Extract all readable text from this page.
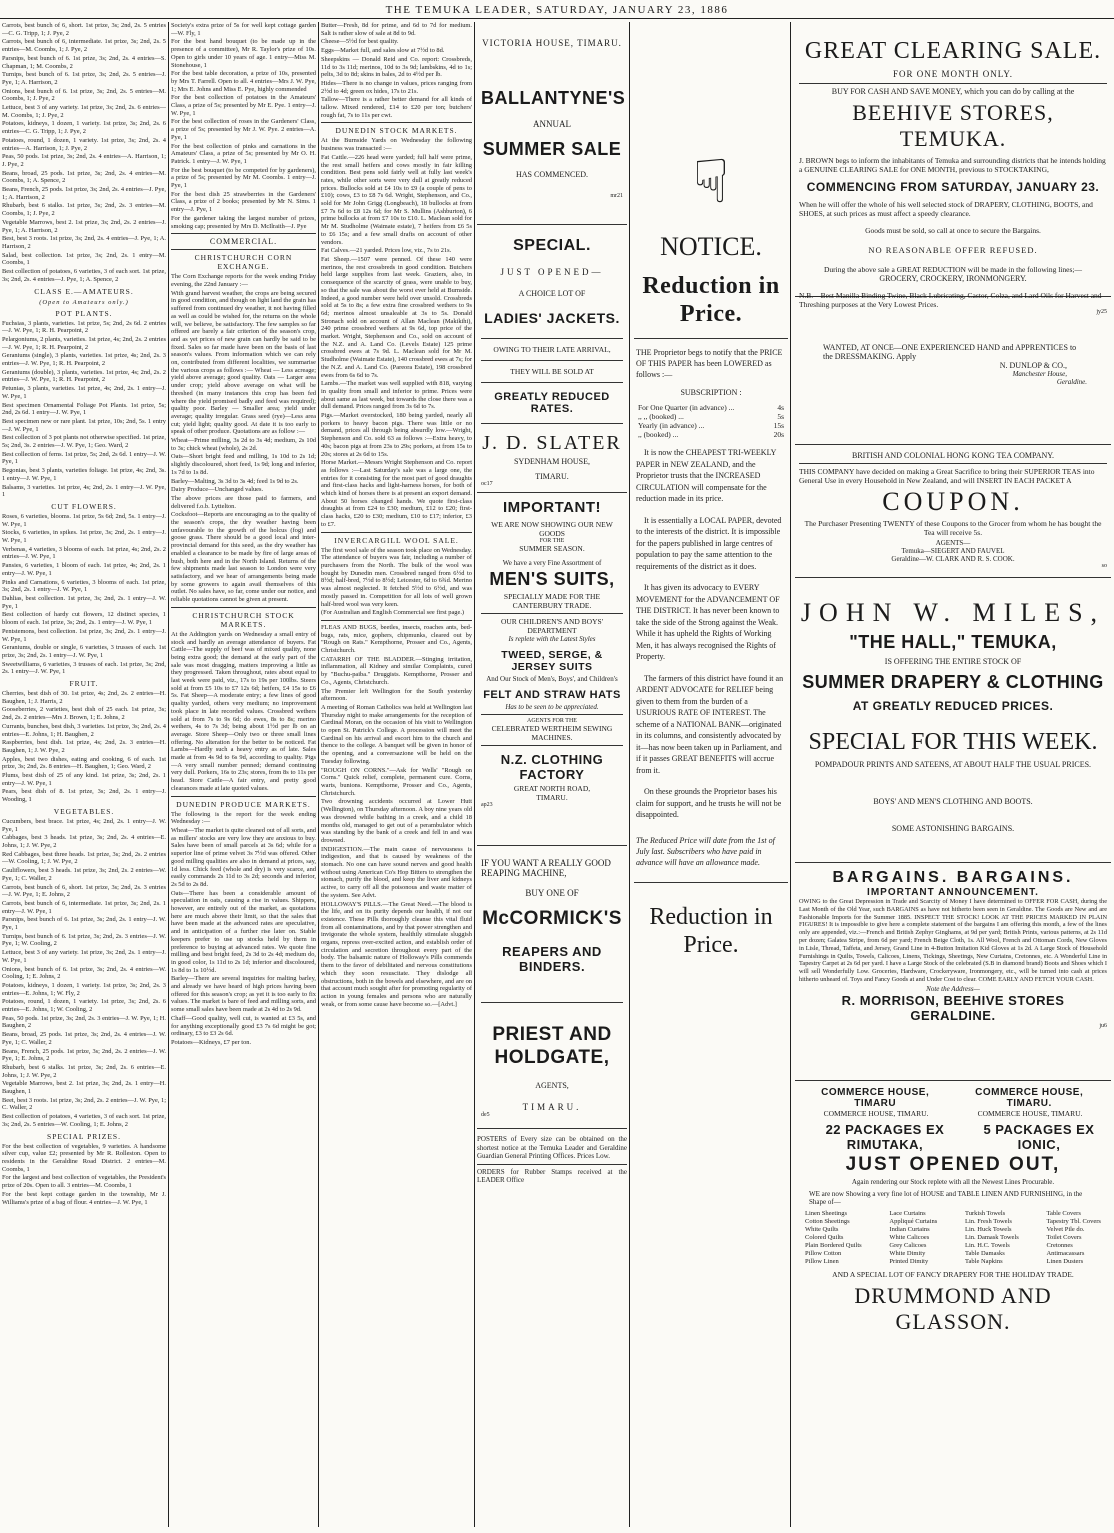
THE TEMUKA LEADER, SATURDAY, JANUARY 23, 1886

Carrots, best bunch of 6, short. 1st prize, 3s; 2nd, 2s. 5 entries—C. G. Tripp, 1; J. Pye, 2

Carrots, best bunch of 6, intermediate. 1st prize, 3s; 2nd, 2s. 5 entries—M. Coombs, 1; J. Pye, 2

Parsnips, best bunch of 6. 1st prize, 3s; 2nd, 2s. 4 entries—S. Chapman, 1; M. Coombs, 2

Turnips, best bunch of 6. 1st prize, 3s; 2nd, 2s. 5 entries—J. Pye, 1; A. Harrison, 2

Onions, best bunch of 6. 1st prize, 3s; 2nd, 2s. 5 entries—M. Coombs, 1; J. Pye, 2

Lettuce, best 3 of any variety. 1st prize, 3s; 2nd, 2s. 6 entries—M. Coombs, 1; J. Pye, 2

Potatoes, kidneys, 1 dozen, 1 variety. 1st prize, 3s; 2nd, 2s. 6 entries—C. G. Tripp, 1; J. Pye, 2

Potatoes, round, 1 dozen, 1 variety. 1st prize, 3s; 2nd, 2s. 4 entries—A. Harrison, 1; J. Pye, 2

Peas, 50 pods. 1st prize, 3s; 2nd, 2s. 4 entries—A. Harrison, 1; J. Pye, 2

Beans, broad, 25 pods. 1st prize, 3s; 2nd, 2s. 4 entries—M. Coombs, 1; A. Spence, 2

Beans, French, 25 pods. 1st prize, 3s; 2nd, 2s. 4 entries—J. Pye, 1; A. Harrison, 2

Rhubarb, best 6 stalks. 1st prize, 3s; 2nd, 2s. 3 entries—M. Coombs, 1; J. Pye, 2

Vegetable Marrows, best 2. 1st prize, 3s; 2nd, 2s. 2 entries—J. Pye, 1; A. Harrison, 2

Best, best 3 roots. 1st prize, 3s; 2nd, 2s. 4 entries—J. Pye, 1; A. Harrison, 2

Salad, best collection. 1st prize, 3s; 2nd, 2s. 1 entry—M. Coombs, 1

Best collection of potatoes, 6 varieties, 3 of each sort. 1st prize, 3s; 2nd, 2s. 4 entries—J. Pye, 1; A. Spence, 2

CLASS E.—AMATEURS.
(Open to Amateurs only.)
POT PLANTS.

Fuchsias, 3 plants, varieties. 1st prize, 5s; 2nd, 2s 6d. 2 entries—J. W. Pye, 1; R. H. Pearpoint, 2

Pelargoniums, 2 plants, varieties. 1st prize, 4s; 2nd, 2s. 2 entries—J. W. Pye, 1; R. H. Pearpoint, 2

Geraniums (single), 3 plants, varieties. 1st prize, 4s; 2nd, 2s. 3 entries—J. W. Pye, 1; R. H. Pearpoint, 2

Geraniums (double), 3 plants, varieties. 1st prize, 4s; 2nd, 2s. 2 entries—J. W. Pye, 1; R. H. Pearpoint, 2

Petunias, 3 plants, varieties. 1st prize, 4s; 2nd, 2s. 1 entry—J. W. Pye, 1

Best specimen Ornamental Foliage Pot Plants. 1st prize, 5s; 2nd, 2s 6d. 1 entry—J. W. Pye, 1

Best specimen new or rare plant. 1st prize, 10s; 2nd, 5s. 1 entry—J. W. Pye, 1

Best collection of 3 pot plants not otherwise specified. 1st prize, 5s; 2nd, 3s. 2 entries—J. W. Pye, 1; Geo. Ward, 2

Best collection of ferns. 1st prize, 5s; 2nd, 2s 6d. 1 entry—J. W. Pye, 1

Begonias, best 3 plants, varieties foliage. 1st prize, 4s; 2nd, 3s. 1 entry—J. W. Pye, 1

Balsams, 3 varieties. 1st prize, 4s; 2nd, 2s. 1 entry—J. W. Pye, 1

CUT FLOWERS.

Roses, 6 varieties, blooms. 1st prize, 5s 6d; 2nd, 5s. 1 entry—J. W. Pye, 1

Stocks, 6 varieties, in spikes. 1st prize, 3s; 2nd, 2s. 1 entry—J. W. Pye, 1

Verbenas, 4 varieties, 3 blooms of each. 1st prize, 4s; 2nd, 2s. 2 entries—J. W. Pye, 1

Pansies, 6 varieties, 1 bloom of each. 1st prize, 4s; 2nd, 2s. 1 entry—J. W. Pye, 1

Pinks and Carnations, 6 varieties, 3 blooms of each. 1st prize, 3s; 2nd, 2s. 1 entry—J. W. Pye, 1

Dahlias, best collection. 1st prize, 3s; 2nd, 2s. 1 entry—J. W. Pye, 1

Best collection of hardy cut flowers, 12 distinct species, 1 bloom of each. 1st prize, 3s; 2nd, 2s. 1 entry—J. W. Pye, 1

Pentstemons, best collection. 1st prize, 3s; 2nd, 2s. 1 entry—J. W. Pye, 1

Geraniums, double or single, 6 varieties, 3 trusses of each. 1st prize, 3s; 2nd, 2s. 1 entry—J. W. Pye, 1

Sweetwilliams, 6 varieties, 3 trusses of each. 1st prize, 3s; 2nd, 2s. 1 entry—J. W. Pye, 1

FRUIT.

Cherries, best dish of 30. 1st prize, 4s; 2nd, 2s. 2 entries—H. Baughen, 1; J. Harris, 2

Gooseberries, 2 varieties, best dish of 25 each. 1st prize, 3s; 2nd, 2s. 2 entries—Mrs J. Brown, 1; E. Johns, 2

Currants, bunches, best dish, 3 varieties. 1st prize, 3s; 2nd, 2s. 4 entries—E. Johns, 1; H. Baughen, 2

Raspberries, best dish. 1st prize, 4s; 2nd, 2s. 3 entries—H. Baughen, 1; J. W. Pye, 2

Apples, best two dishes, eating and cooking, 6 of each. 1st prize, 3s; 2nd, 2s. 8 entries—H. Baughen, 1; Geo. Ward, 2

Plums, best dish of 25 of any kind. 1st prize, 3s; 2nd, 2s. 1 entry—J. W. Pye, 1

Pears, best dish of 8. 1st prize, 3s; 2nd, 2s. 1 entry—J. Wooding, 1

VEGETABLES.

Cucumbers, best brace. 1st prize, 4s; 2nd, 2s. 1 entry—J. W. Pye, 1

Cabbages, best 3 heads. 1st prize, 3s; 2nd, 2s. 4 entries—E. Johns, 1; J. W. Pye, 2

Red Cabbages, best three heads. 1st prize, 3s; 2nd, 2s. 2 entries—W. Cooling, 1; J. W. Pye, 2

Cauliflowers, best 3 heads. 1st prize, 3s; 2nd, 2s. 2 entries—W. Pye, 1; C. Waller, 2

Carrots, best bunch of 6, short. 1st prize, 3s; 2nd, 2s. 3 entries—J. W. Pye, 1; E. Johns, 2

Carrots, best bunch of 6, intermediate. 1st prize, 3s; 2nd, 2s. 1 entry—J. W. Pye, 1

Parsnips, best bunch of 6. 1st prize, 3s; 2nd, 2s. 1 entry—J. W. Pye, 1

Turnips, best bunch of 6. 1st prize, 3s; 2nd, 2s. 3 entries—J. W. Pye, 1; W. Cooling, 2

Lettuce, best 3 of any variety. 1st prize, 3s; 2nd, 2s. 1 entry—J. W. Pye, 1

Onions, best bunch of 6. 1st prize, 3s; 2nd, 2s. 4 entries—W. Cooling, 1; E. Johns, 2

Potatoes, kidneys, 1 dozen, 1 variety. 1st prize, 3s; 2nd, 2s. 3 entries—E. Johns, 1; W. Fly, 2

Potatoes, round, 1 dozen, 1 variety. 1st prize, 3s; 2nd, 2s. 6 entries—E. Johns, 1; W. Cooling, 2

Peas, 50 pods. 1st prize, 3s; 2nd, 2s. 3 entries—J. W. Pye, 1; H. Baughen, 2

Beans, broad, 25 pods. 1st prize, 3s; 2nd, 2s. 4 entries—J. W. Pye, 1; C. Waller, 2

Beans, French, 25 pods. 1st prize, 3s; 2nd, 2s. 2 entries—J. W. Pye, 1; E. Johns, 2

Rhubarb, best 6 stalks. 1st prize, 3s; 2nd, 2s. 6 entries—E. Johns, 1; J. W. Pye, 2

Vegetable Marrows, best 2. 1st prize, 3s; 2nd, 2s. 1 entry—H. Baughen, 1

Beet, best 3 roots. 1st prize, 3s; 2nd, 2s. 2 entries—J. W. Pye, 1; C. Waller, 2

Best collection of potatoes, 4 varieties, 3 of each sort. 1st prize, 3s; 2nd, 2s. 5 entries—W. Cooling, 1; E. Johns, 2

SPECIAL PRIZES.

For the best collection of vegetables, 9 varieties. A handsome silver cup, value £2; presented by Mr R. Rolleston. Open to residents in the Geraldine Road District. 2 entries—M. Coombs, 1

For the largest and best collection of vegetables, the President's prize of 20s. Open to all. 3 entries—M. Coombs, 1

For the best kept cottage garden in the township, Mr J. Williams's prize of a bag of flour. 4 entries—J. W. Pye, 1

Society's extra prize of 5s for well kept cottage garden—W. Fly, 1

For the best hand bouquet (to be made up in the presence of a committee), Mr R. Taylor's prize of 10s. Open to girls under 10 years of age. 1 entry—Miss M. Stonehouse, 1

For the best table decoration, a prize of 10s, presented by Mrs T. Farrell. Open to all. 4 entries—Mrs J. W. Pye, 1; Mrs E. Johns and Miss E. Pye, highly commended

For the best collection of potatoes in the Amateurs' Class, a prize of 5s; presented by Mr E. Pye. 1 entry—J. W. Pye, 1

For the best collection of roses in the Gardeners' Class, a prize of 5s; presented by Mr J. W. Pye. 2 entries—A. Pye, 1

For the best collection of pinks and carnations in the Amateurs' Class, a prize of 5s; presented by Mr O. H. Patrick. 1 entry—J. W. Pye, 1

For the best bouquet (to be competed for by gardeners), a prize of 5s; presented by Mr M. Coombs. 1 entry—J. Pye, 1

For the best dish 25 strawberries in the Gardeners' Class, a prize of 2 books; presented by Mr N. Sims. 1 entry—J. Pye, 1

For the gardener taking the largest number of prizes, smoking cap; presented by Mrs D. McIlraith—J. Pye

COMMERCIAL.
CHRISTCHURCH CORN EXCHANGE.

The Corn Exchange reports for the week ending Friday evening, the 22nd January :—

With grand harvest weather, the crops are being secured in good condition, and though on light land the grain has suffered from continued dry weather, it not having filled as well as could be wished for, the returns on the whole will, we believe, be satisfactory. The few samples so far offered are barely a fair criterion of the season's crop, and as yet prices of new grain can hardly be said to be fixed. Sales so far made have been on the basis of last season's values. From information which we can rely on, contributed from different localities, we summarise the various crops as follows :— Wheat — Less acreage; yield above average; good quality. Oats — Larger area under crop; yield above average on what will be threshed (in many instances this crop has been fed where the yield promised badly and feed was required); quality poor. Barley — Smaller area; yield under average; quality irregular. Grass seed (rye)—Less area cut; yield light; quality good. At date it is too early to speak of other produce. Quotations are as follow :—

Wheat—Prime milling, 3s 2d to 3s 4d; medium, 2s 10d to 3s; chick wheat (whole), 2s 2d.

Oats—Short bright feed and milling, 1s 10d to 2s 1d; slightly discoloured, short feed, 1s 9d; long and inferior, 1s 7d to 1s 8d.

Barley—Malting, 3s 3d to 3s 4d; feed 1s 9d to 2s.

Dairy Produce—Unchanged values.

The above prices are those paid to farmers, and delivered f.o.b. Lyttelton.

Cocksfoot—Reports are encouraging as to the quality of the season's crops, the dry weather having been unfavourable to the growth of the holcus (fog) and goose grass. There should be a good local and inter-provincial demand for this seed, as the dry weather has enabled a clearance to be made by fire of large areas of bush, both here and in the North Island. Returns of the few shipments made last season to London were very satisfactory, and we hear of arrangements being made by some growers to again avail themselves of this outlet. No sales have, so far, come under our notice, and reliable quotations cannot be given at present.

CHRISTCHURCH STOCK MARKETS.

At the Addington yards on Wednesday a small entry of stock and hardly an average attendance of buyers. Fat Cattle—The supply of beef was of mixed quality, none being extra good; the demand at the early part of the sale was most dragging, matters improving a little as they progressed. Taken throughout, rates about equal to last week were paid, viz., 17s to 19s per 100lbs. Steers sold at from £5 10s to £7 12s 6d; heifers, £4 15s to £6 5s. Fat Sheep—A moderate entry; a few lines of good quality yarded, others very medium; no improvement took place in late recorded values. Crossbred wethers sold at from 7s to 9s 6d; do ewes, 8s to 8s; merino wethers, 4s to 7s 3d; being about 1½d per lb on an average. Store Sheep—Only two or three small lines offering. No alteration for the better to be noticed. Fat Lambs—Hardly such a heavy entry as of late. Sales made at from 4s 9d to 6s 9d, according to quality. Pigs—A very small number penned; demand continuing very dull. Porkers, 16s to 23s; stores, from 8s to 11s per head. Store Cattle—A fair entry, and pretty good clearances made at late quoted values.

DUNEDIN PRODUCE MARKETS.

The following is the report for the week ending Wednesday :—

Wheat—The market is quite cleaned out of all sorts, and as millers' stocks are very low they are anxious to buy. Sales have been of small parcels at 3s 6d; while for a superior line of prime velvet 3s 7½d was offered. Other good milling qualities are also in demand at prices, say, 1d less. Chick feed (whole and dry) is very scarce, and easily commands 2s 11d to 3s 2d; seconds and inferior, 2s 5d to 2s 8d.

Oats—There has been a considerable amount of speculation in oats, causing a rise in values. Shippers, however, are entirely out of the market, as quotations here are much above their limit, so that the sales that have been made at the advanced rates are speculative, and in anticipation of a further rise later on. Stable keepers prefer to use up stocks held by them in preference to buying at advanced rates. We quote fine milling and best bright feed, 2s 3d to 2s 4d; medium do, in good color, 1s 11d to 2s 1d; inferior and discoloured, 1s 8d to 1s 10½d.

Barley—There are several inquiries for malting barley, and already we have heard of high prices having been offered for this season's crop; as yet it is too early to fix values. The market is bare of feed and milling sorts, and some small sales have been made at 2s 4d to 2s 9d.

Chaff—Good quality, well cut, is wanted at £3 5s, and for anything exceptionally good £3 7s 6d might be got; ordinary, £3 to £3 2s 6d.

Potatoes—Kidneys, £7 per ton.

Butter—Fresh, 8d for prime, and 6d to 7d for medium. Salt is rather slow of sale at 8d to 9d.

Cheese—5½d for best quality.

Eggs—Market full, and sales slow at 7½d to 8d.

Sheepskins — Donald Reid and Co. report: Crossbreds, 11d to 3s 11d; merinos, 10d to 3s 9d; lambskins, 4d to 1s; pelts, 3d to 8d; skins in bales, 2d to 4½d per lb.

Hides—There is no change in values, prices ranging from 2½d to 4d; green ox hides, 17s to 21s.

Tallow—There is a rather better demand for all kinds of tallow. Mixed rendered, £14 to £20 per ton; butchers' rough fat, 7s to 11s per cwt.

DUNEDIN STOCK MARKETS.

At the Burnside Yards on Wednesday the following business was transacted :—

Fat Cattle.—226 head were yarded; full half were prime, the rest small heifers and cows mostly in fair killing condition. Best pens sold fairly well at fully last week's rates, while other sorts were very dull at greatly reduced prices. Bullocks sold at £4 10s to £9 (a couple of pens to £10); cows, £3 to £8 7s 6d. Wright, Stephenson, and Co., sold for Mr John Grigg (Longbeach), 18 bullocks at from £7 7s 6d to £8 12s 6d; for Mr S. Mullins (Ashburton), 6 prime bullocks at from £7 10s to £10. L. Maclean sold for Mr M. Studholme (Waimate estate), 7 heifers from £6 5s to £6 15s; and a few small drafts on account of other vendors.

Fat Calves.—21 yarded. Prices low, viz., 7s to 21s.

Fat Sheep.—1507 were penned. Of these 140 were merinos, the rest crossbreds in good condition. Butchers held large supplies from last week. Graziers, also, in consequence of the scarcity of grass, were unable to buy, so that the sale was about the worst ever held at Burnside. Indeed, a good number were held over unsold. Crossbreds sold at 5s to 8s; a few extra fine crossbred wethers to 9s 6d; merinos almost unsaleable at 3s to 5s. Donald Stronach sold on account of Allan Maclean (Makikihi), 240 prime crossbred wethers at 9s 6d, top price of the market. Wright, Stephenson and Co., sold on account of the N.Z. and A. Land Co. (Levels Estate) 125 prime crossbred ewes at 7s 9d. L. Maclean sold for Mr M. Studholme (Waimate Estate), 140 crossbred ewes at 7s; for the N.Z. and A. Land Co. (Pareora Estate), 198 crossbred ewes from 6s 6d to 7s.

Lambs.—The market was well supplied with 818, varying in quality from small and inferior to prime. Prices were about same as last week, but towards the close there was a dull demand. Prices ranged from 3s 6d to 7s.

Pigs.—Market overstocked, 180 being yarded, nearly all porkers to heavy bacon pigs. There was little or no demand, prices all through being absurdly low.—Wright, Stephenson and Co. sold 63 as follows :—Extra heavy, to 40s; bacon pigs at from 23s to 29s; porkers, at from 15s to 20s; stores at 2s 6d to 15s.

Horse Market.—Messrs Wright Stephenson and Co. report as follows :—Last Saturday's sale was a large one, the entries for it consisting for the most part of good draughts and first-class hacks and light-harness horses, for both of which kind of horses there is at present an export demand. About 50 horses changed hands. We quote first-class draughts at from £24 to £30; medium, £12 to £20; first-class hacks, £20 to £30; medium, £10 to £17; inferior, £3 to £7.

INVERCARGILL WOOL SALE.

The first wool sale of the season took place on Wednesday. The attendance of buyers was fair, including a number of purchasers from the North. The bulk of the wool was bought by Dunedin men. Crossbred ranged from 6½d to 8½d; half-bred, 7½d to 8½d; Leicester, 6d to 6¾d. Merino was almost neglected. It fetched 5½d to 6½d, and was mostly passed in. Competition for all lots of well grown half-bred wool was very keen.

(For Australian and English Commercial see first page.)

FLEAS AND BUGS, beetles, insects, roaches ants, bed-bugs, rats, mice, gophers, chipmunks, cleared out by "Rough on Rats." Kempthorne, Prosser and Co., Agents, Christchurch.

CATARRH OF THE BLADDER.—Stinging irritation, inflammation, all Kidney and similar Complaints, cured by "Buchu-paiba." Druggists. Kempthorne, Prosser and Co., Agents, Christchurch.

The Premier left Wellington for the South yesterday afternoon.

A meeting of Roman Catholics was held at Wellington last Thursday night to make arrangements for the reception of Cardinal Moran, on the occasion of his visit to Wellington to open St. Patrick's College. A procession will meet the Cardinal on his arrival and escort him to the church and thence to the college. A banquet will be given in honor of the opening, and a conversazione will be held on the Tuesday following.

"ROUGH ON CORNS."—Ask for Wells' "Rough on Corns." Quick relief, complete, permanent cure. Corns, warts, bunions. Kempthorne, Prosser and Co., Agents, Christchurch.

Two drowning accidents occurred at Lower Hutt (Wellington), on Thursday afternoon. A boy nine years old was drowned while bathing in a creek, and a child 18 months old, managed to get out of a perambulator which was standing by the bank of a creek and fell in and was drowned.

INDIGESTION.—The main cause of nervousness is indigestion, and that is caused by weakness of the stomach. No one can have sound nerves and good health without using American Co's Hop Bitters to strengthen the stomach, purify the blood, and keep the liver and kidneys active, to carry off all the poisonous and waste matter of the system. See Advt.

HOLLOWAY'S PILLS.—The Great Need.—The blood is the life, and on its purity depends our health, if not our existence. These Pills thoroughly cleanse this vital fluid from all contaminations, and by that power strengthen and invigorate the whole system, healthily stimulate sluggish organs, repress over-excited action, and establish order of circulation and secretion throughout every part of the body. The balsamic nature of Holloway's Pills commends them to the favor of debilitated and nervous constitutions which they soon resuscitate. They dislodge all obstructions, both in the bowels and elsewhere, and are on that account much sought after for promoting regularity of action in young females and persons who are naturally weak, or from some cause have become so.—[Advt.]

VICTORIA HOUSE, TIMARU.
BALLANTYNE'S
ANNUAL
SUMMER SALE
HAS COMMENCED.
mr21
SPECIAL.
JUST OPENED—
A CHOICE LOT OF
LADIES' JACKETS.
OWING TO THEIR LATE ARRIVAL,
THEY WILL BE SOLD AT
GREATLY REDUCED RATES.
J. D. SLATER
SYDENHAM HOUSE,
TIMARU.
oc17
IMPORTANT!
WE ARE NOW SHOWING OUR NEW GOODS
FOR THE
SUMMER SEASON.
We have a very Fine Assortment of
MEN'S SUITS,
SPECIALLY MADE FOR THE CANTERBURY TRADE.
OUR CHILDREN'S AND BOYS' DEPARTMENT
Is replete with the Latest Styles
TWEED, SERGE, & JERSEY SUITS
And Our Stock of Men's, Boys', and Children's
FELT AND STRAW HATS
Has to be seen to be appreciated.
AGENTS FOR THE
CELEBRATED WERTHEIM SEWING MACHINES.
N.Z. CLOTHING FACTORY
GREAT NORTH ROAD,
TIMARU.
ap23
IF YOU WANT A REALLY GOOD REAPING MACHINE,
BUY ONE OF
McCORMICK'S
REAPERS AND BINDERS.
PRIEST AND HOLDGATE,
AGENTS,
TIMARU.
de5
POSTERS of Every size can be obtained on the shortest notice at the Temuka Leader and Geraldine Guardian General Printing Offices. Prices Low.
ORDERS for Rubber Stamps received at the LEADER Office
☟
NOTICE.
Reduction in Price.
THE Proprietor begs to notify that the PRICE OF THIS PAPER has been LOWERED as follows :—
SUBSCRIPTION :
For One Quarter (in advance) ...	4s
,, ,, (booked) ...	5s
Yearly (in advance) ...	15s
,, (booked) ...	20s

It is now the CHEAPEST TRI-WEEKLY PAPER in NEW ZEALAND, and the Proprietor trusts that the INCREASED CIRCULATION will compensate for the reduction made in its price.

It is essentially a LOCAL PAPER, devoted to the interests of the district. It is impossible for the papers published in large centres of population to pay the same attention to the requirements of the district as it does.

It has given its advocacy to EVERY MOVEMENT for the ADVANCEMENT OF THE DISTRICT. It has never been known to take the side of the Strong against the Weak. While it has upheld the Rights of Working Men, it has always recognised the Rights of Property.

The farmers of this district have found it an ARDENT ADVOCATE for RELIEF being given to them from the burden of a USURIOUS RATE OF INTEREST. The scheme of a NATIONAL BANK—originated in its columns, and consistently advocated by it—has now been taken up in Parliament, and if it passes GREAT BENEFITS will accrue from it.

On these grounds the Proprietor bases his claim for support, and he trusts he will not be disappointed.

The Reduced Price will date from the 1st of July last. Subscribers who have paid in advance will have an allowance made.
Reduction in Price.
GREAT CLEARING SALE.
FOR ONE MONTH ONLY.
BUY FOR CASH AND SAVE MONEY, which you can do by calling at the
BEEHIVE STORES, TEMUKA.
J. BROWN begs to inform the inhabitants of Temuka and surrounding districts that he intends holding a GENUINE CLEARING SALE for ONE MONTH, previous to STOCKTAKING,
COMMENCING FROM SATURDAY, JANUARY 23.
When he will offer the whole of his well selected stock of DRAPERY, CLOTHING, BOOTS, and SHOES, at such prices as must affect a speedy clearance.
Goods must be sold, so call at once to secure the Bargains.
NO REASONABLE OFFER REFUSED.
During the above sale a GREAT REDUCTION will be made in the following lines;—
GROCERY, CROCKERY, IRONMONGERY.
N.B.—Best Manilla Binding Twine, Black Lubricating, Castor, Colza, and Lard Oils for Harvest and Threshing purposes at the Very Lowest Prices.
jy25
WANTED, AT ONCE—ONE EXPERIENCED HAND and APPRENTICES to the DRESSMAKING. Apply
N. DUNLOP & CO.,
Manchester House,
Geraldine.
BRITISH AND COLONIAL HONG KONG TEA COMPANY.
THIS COMPANY have decided on making a Great Sacrifice to bring their SUPERIOR TEAS into General Use in every Household in New Zealand, and will INSERT IN EACH PACKET A
COUPON.
The Purchaser Presenting TWENTY of these Coupons to the Grocer from whom he has bought the Tea will receive 5s.
AGENTS—
Temuka—SIEGERT AND FAUVEL
Geraldine—W. CLARK AND R. S. COOK.
so
JOHN W. MILES,
"THE HALL," TEMUKA,
IS OFFERING THE ENTIRE STOCK OF
SUMMER DRAPERY & CLOTHING
AT GREATLY REDUCED PRICES.
SPECIAL FOR THIS WEEK.
POMPADOUR PRINTS AND SATEENS, AT ABOUT HALF THE USUAL PRICES.
BOYS' AND MEN'S CLOTHING AND BOOTS.
SOME ASTONISHING BARGAINS.
BARGAINS. BARGAINS.
IMPORTANT ANNOUNCEMENT.
OWING to the Great Depression in Trade and Scarcity of Money I have determined to OFFER FOR CASH, during the Last Month of the Old Year, such BARGAINS as have not hitherto been seen in Geraldine. The Goods are New and are Fashionable Imports for the Summer 1885. INSPECT THE STOCK! LOOK AT THE PRICES MARKED IN PLAIN FIGURES! It is impossible to give here a complete statement of the bargains I am offering this month, a few of the lines only are appended, viz.:—French and British Zephyr Ginghams, at 9d per yard; British Prints, various patterns, at 2s 11d per dozen; Galatea Stripe, from 6d per yard; French Beige Cloth, 1s. All Wool, French and Ottoman Cords, New Gloves in Lisle, Thread, Taffeta, and Jersey, Grand Line in 4-Button Imitation Kid Gloves at 1s 2d. A Large Stock of Household Furnishings in Quilts, Towels, Calicoes, Linens, Tickings, Sheetings, New Curtains, Cretonnes, etc. A Wonderful Line in Tapestry Carpet at 2s 6d per yard. I have a Large Stock of the celebrated (S.B in diamond brand) Boots and Shoes which I will sell Wonderfully Low. Groceries, Hardware, Crockeryware, Ironmongery, etc., will be turned into cash at prices hitherto unheard of. Toys and Fancy Goods at and Under Cost to clear. COME EARLY AND FETCH YOUR CASH.
Note the Address—
R. MORRISON, BEEHIVE STORES GERALDINE.
ju6
COMMERCE HOUSE, TIMARU
COMMERCE HOUSE, TIMARU.
COMMERCE HOUSE, TIMARU.	COMMERCE HOUSE, TIMARU.
22 PACKAGES EX RIMUTAKA,
5 PACKAGES EX IONIC,
JUST OPENED OUT,
Again rendering our Stock replete with all the Newest Lines Procurable.
WE are now Showing a very fine lot of HOUSE and TABLE LINEN AND FURNISHING, in the Shape of—
Linen Sheetings
Cotton Sheetings
White Quilts
Colored Quilts
Plain Bordered Quilts
Pillow Cotton
Pillow Linen
Lace Curtains
Appliqué Curtains
Indian Curtains
White Calicoes
Grey Calicoes
White Dimity
Printed Dimity
Turkish Towels
Lin. Fresh Towels
Lin. Huck Towels
Lin. Damask Towels
Lin. H.C. Towels
Table Damasks
Table Napkins
Table Covers
Tapestry Tbl. Covers
Velvet Pile do.
Toilet Covers
Cretonnes
Antimacassars
Linen Dusters
AND A SPECIAL LOT OF FANCY DRAPERY FOR THE HOLIDAY TRADE.
DRUMMOND AND GLASSON.
